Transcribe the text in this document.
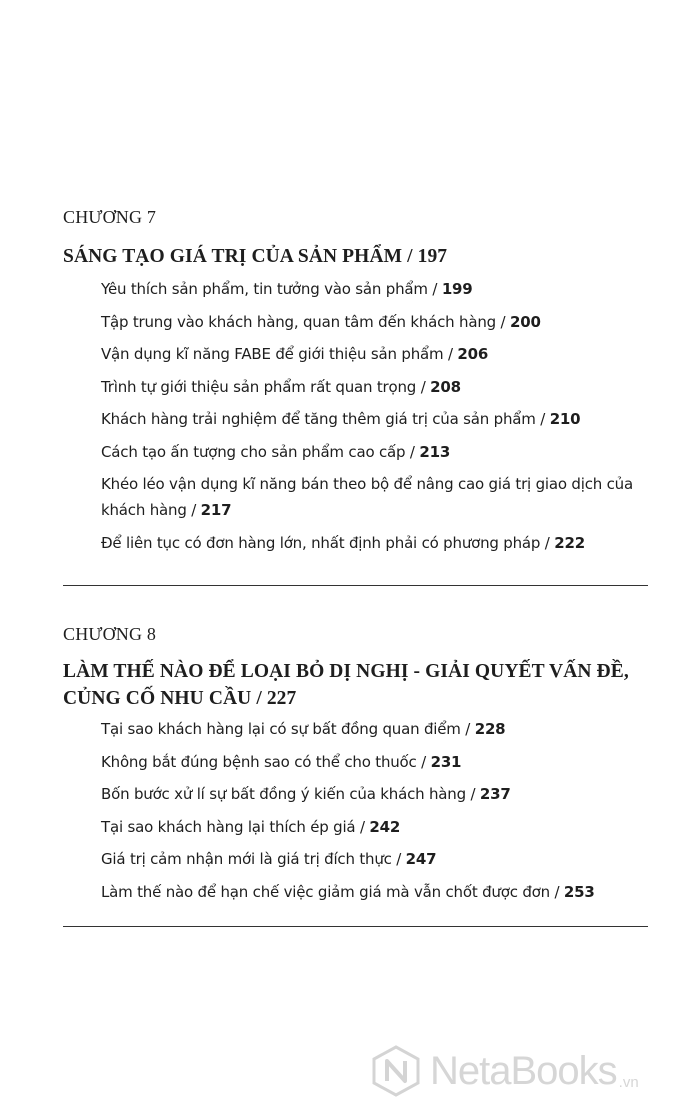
CHƯƠNG 7

SÁNG TẠO GIÁ TRỊ CỦA SẢN PHẨM / 197
Yêu thích sản phẩm, tin tưởng vào sản phẩm / 199
Tập trung vào khách hàng, quan tâm đến khách hàng / 200
Vận dụng kĩ năng FABE để giới thiệu sản phẩm / 206
Trình tự giới thiệu sản phẩm rất quan trọng / 208
Khách hàng trải nghiệm để tăng thêm giá trị của sản phẩm / 210
Cách tạo ấn tượng cho sản phẩm cao cấp / 213
Khéo léo vận dụng kĩ năng bán theo bộ để nâng cao giá trị giao dịch của khách hàng / 217
Để liên tục có đơn hàng lớn, nhất định phải có phương pháp / 222

CHƯƠNG 8

LÀM THẾ NÀO ĐỂ LOẠI BỎ DỊ NGHỊ - GIẢI QUYẾT VẤN ĐỀ, CỦNG CỐ NHU CẦU / 227
Tại sao khách hàng lại có sự bất đồng quan điểm / 228
Không bắt đúng bệnh sao có thể cho thuốc / 231
Bốn bước xử lí sự bất đồng ý kiến của khách hàng / 237
Tại sao khách hàng lại thích ép giá / 242
Giá trị cảm nhận mới là giá trị đích thực / 247
Làm thế nào để hạn chế việc giảm giá mà vẫn chốt được đơn / 253
NetaBooks .vn
